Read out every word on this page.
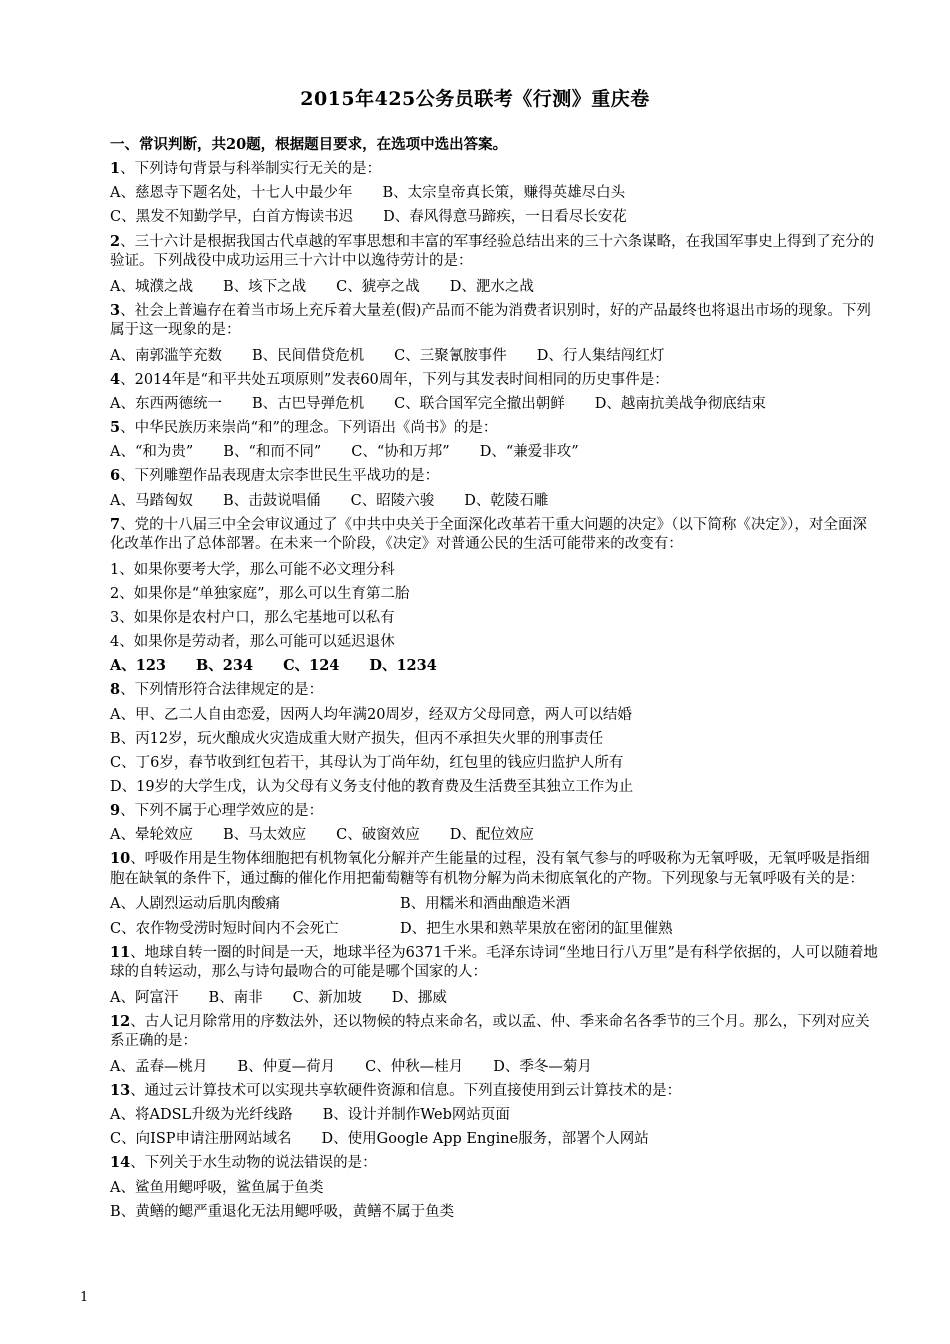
2015年425公务员联考《行测》重庆卷
一、常识判断，共20题，根据题目要求，在选项中选出答案。
1、下列诗句背景与科举制实行无关的是：
A、慈恩寺下题名处，十七人中最少年 B、太宗皇帝真长策，赚得英雄尽白头
C、黑发不知勤学早，白首方悔读书迟 D、春风得意马蹄疾，一日看尽长安花
2、三十六计是根据我国古代卓越的军事思想和丰富的军事经验总结出来的三十六条谋略，在我国军事史上得到了充分的验证。下列战役中成功运用三十六计中以逸待劳计的是：
A、城濮之战 B、垓下之战 C、猇亭之战 D、淝水之战
3、社会上普遍存在着当市场上充斥着大量差(假)产品而不能为消费者识别时，好的产品最终也将退出市场的现象。下列属于这一现象的是：
A、南郭滥竽充数 B、民间借贷危机 C、三聚氰胺事件 D、行人集结闯红灯
4、2014年是“和平共处五项原则”发表60周年，下列与其发表时间相同的历史事件是：
A、东西两德统一 B、古巴导弹危机 C、联合国军完全撤出朝鲜 D、越南抗美战争彻底结束
5、中华民族历来崇尚“和”的理念。下列语出《尚书》的是：
A、“和为贵” B、“和而不同” C、“协和万邦” D、“兼爱非攻”
6、下列雕塑作品表现唐太宗李世民生平战功的是：
A、马踏匈奴 B、击鼓说唱俑 C、昭陵六骏 D、乾陵石雕
7、党的十八届三中全会审议通过了《中共中央关于全面深化改革若干重大问题的决定》（以下简称《决定》），对全面深化改革作出了总体部署。在未来一个阶段，《决定》对普通公民的生活可能带来的改变有：
1、如果你要考大学，那么可能不必文理分科
2、如果你是“单独家庭”，那么可以生育第二胎
3、如果你是农村户口，那么宅基地可以私有
4、如果你是劳动者，那么可能可以延迟退休
A、123 B、234 C、124 D、1234
8、下列情形符合法律规定的是：
A、甲、乙二人自由恋爱，因两人均年满20周岁，经双方父母同意，两人可以结婚
B、丙12岁，玩火酿成火灾造成重大财产损失，但丙不承担失火罪的刑事责任
C、丁6岁，春节收到红包若干，其母认为丁尚年幼，红包里的钱应归监护人所有
D、19岁的大学生戊，认为父母有义务支付他的教育费及生活费至其独立工作为止
9、下列不属于心理学效应的是：
A、晕轮效应 B、马太效应 C、破窗效应 D、配位效应
10、呼吸作用是生物体细胞把有机物氧化分解并产生能量的过程，没有氧气参与的呼吸称为无氧呼吸，无氧呼吸是指细胞在缺氧的条件下，通过酶的催化作用把葡萄糖等有机物分解为尚未彻底氧化的产物。下列现象与无氧呼吸有关的是：
A、人剧烈运动后肌肉酸痛	B、用糯米和酒曲酿造米酒
C、农作物受涝时短时间内不会死亡	D、把生水果和熟苹果放在密闭的缸里催熟
11、地球自转一圈的时间是一天，地球半径为6371千米。毛泽东诗词“坐地日行八万里”是有科学依据的，人可以随着地球的自转运动，那么与诗句最吻合的可能是哪个国家的人：
A、阿富汗 B、南非 C、新加坡 D、挪威
12、古人记月除常用的序数法外，还以物候的特点来命名，或以孟、仲、季来命名各季节的三个月。那么，下列对应关系正确的是：
A、孟春—桃月 B、仲夏—荷月 C、仲秋—桂月 D、季冬—菊月
13、通过云计算技术可以实现共享软硬件资源和信息。下列直接使用到云计算技术的是：
A、将ADSL升级为光纤线路 B、设计并制作Web网站页面
C、向ISP申请注册网站域名 D、使用Google App Engine服务，部署个人网站
14、下列关于水生动物的说法错误的是：
A、鲨鱼用鳃呼吸，鲨鱼属于鱼类
B、黄鳝的鳃严重退化无法用鳃呼吸，黄鳝不属于鱼类
1
